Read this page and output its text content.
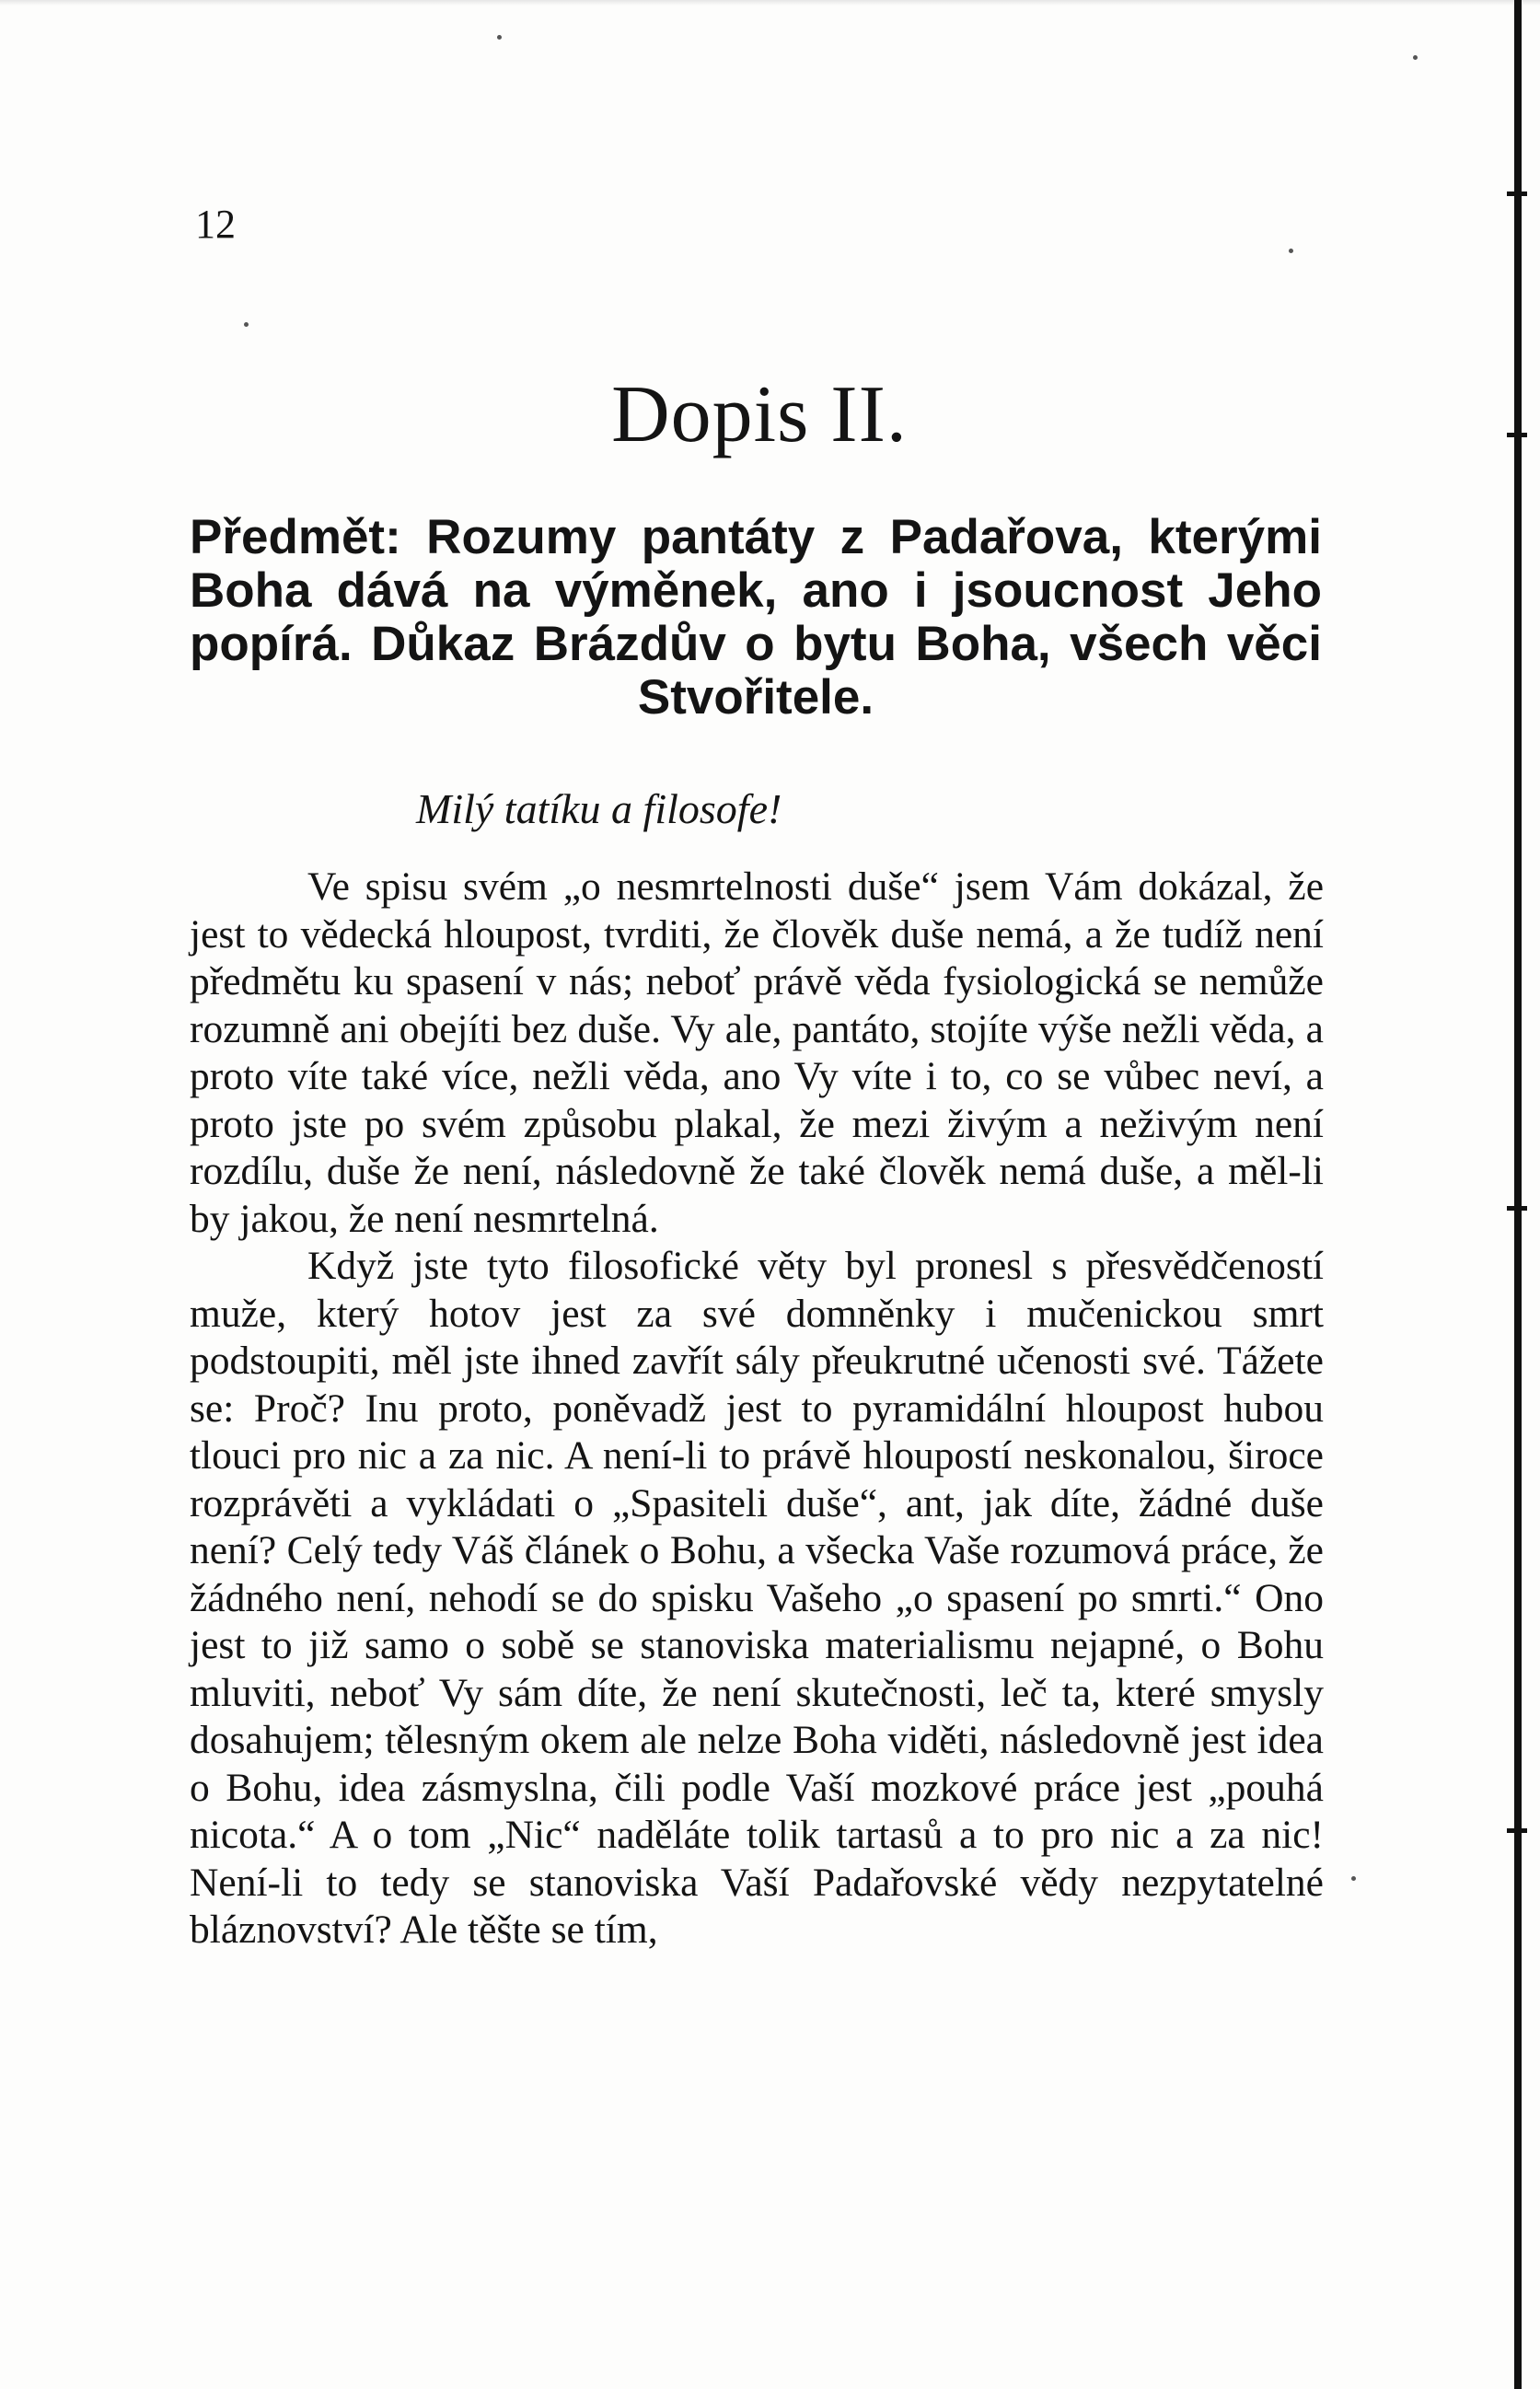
12
Dopis II.
Předmět: Rozumy pantáty z Padařova, kterými Boha dává na výměnek, ano i jsoucnost Jeho popírá. Důkaz Brázdův o bytu Boha, všech věci Stvořitele.
Milý tatíku a filosofe!

Ve spisu svém „o nesmrtelnosti duše“ jsem Vám dokázal, že jest to vědecká hloupost, tvrditi, že člověk duše nemá, a že tudíž není předmětu ku spasení v nás; neboť právě věda fysiologická se nemůže rozumně ani obejíti bez duše. Vy ale, pantáto, stojíte výše nežli věda, a proto víte také více, nežli věda, ano Vy víte i to, co se vůbec neví, a proto jste po svém způsobu plakal, že mezi živým a neživým není rozdílu, duše že není, následovně že také člověk nemá duše, a měl-li by jakou, že není nesmrtelná.

Když jste tyto filosofické věty byl pronesl s přesvědčeností muže, který hotov jest za své domněnky i mučenickou smrt podstoupiti, měl jste ihned zavřít sály přeukrutné učenosti své. Tážete se: Proč? Inu proto, poněvadž jest to pyramidální hloupost hubou tlouci pro nic a za nic. A není-li to právě hloupostí neskonalou, široce rozprávěti a vykládati o „Spasiteli duše“, ant, jak díte, žádné duše není? Celý tedy Váš článek o Bohu, a všecka Vaše rozumová práce, že žádného není, nehodí se do spisku Vašeho „o spasení po smrti.“ Ono jest to již samo o sobě se stanoviska materialismu nejapné, o Bohu mluviti, neboť Vy sám díte, že není skutečnosti, leč ta, které smysly dosahujem; tělesným okem ale nelze Boha viděti, následovně jest idea o Bohu, idea zásmyslna, čili podle Vaší mozkové práce jest „pouhá nicota.“ A o tom „Nic“ naděláte tolik tartasů a to pro nic a za nic! Není-li to tedy se stanoviska Vaší Padařovské vědy nezpytatelné bláznovství? Ale těšte se tím,
